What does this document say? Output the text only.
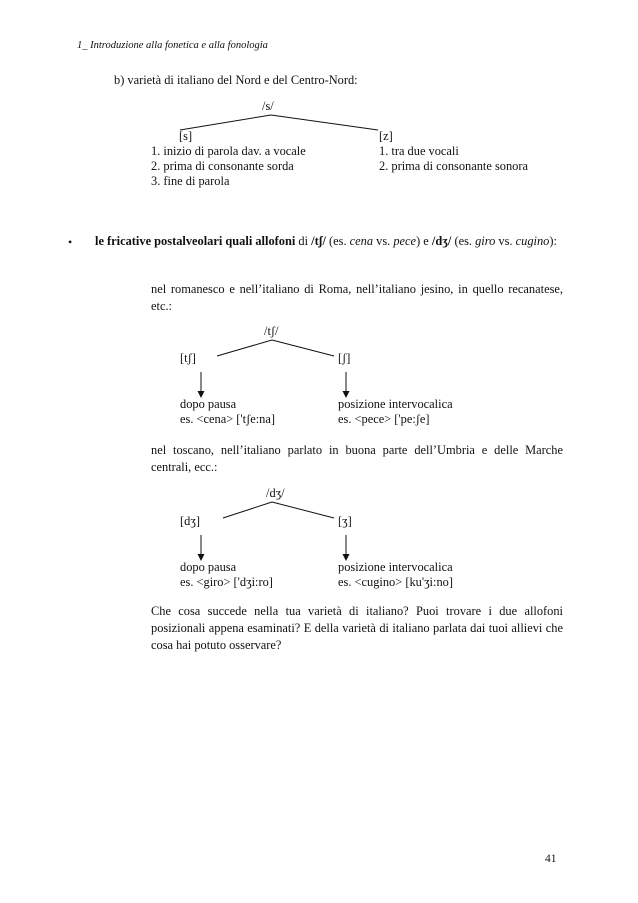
1_ Introduzione alla fonetica e alla fonologia
b) varietà di italiano del Nord e del Centro-Nord:
/s/
[s]	[z]
1. inizio di parola dav. a vocale
2. prima di consonante sorda
3. fine di parola
1. tra due vocali
2. prima di consonante sonora
• le fricative postalveolari quali allofoni di /tʃ/ (es. cena vs. pece) e /dʒ/ (es. giro vs. cugino):
nel romanesco e nell’italiano di Roma, nell’italiano jesino, in quello recanatese, etc.:
/tʃ/
[tʃ]	[ʃ]
dopo pausa
es. <cena> ['tʃe:na]
posizione intervocalica
es. <pece> ['pe:ʃe]
nel toscano, nell’italiano parlato in buona parte dell’Umbria e delle Marche centrali, ecc.:
/dʒ/
[dʒ]	[ʒ]
dopo pausa
es. <giro> ['dʒi:ro]
posizione intervocalica
es. <cugino> [ku'ʒi:no]
Che cosa succede nella tua varietà di italiano? Puoi trovare i due allofoni posizionali appena esaminati? E della varietà di italiano parlata dai tuoi allievi che cosa hai potuto osservare?
41
